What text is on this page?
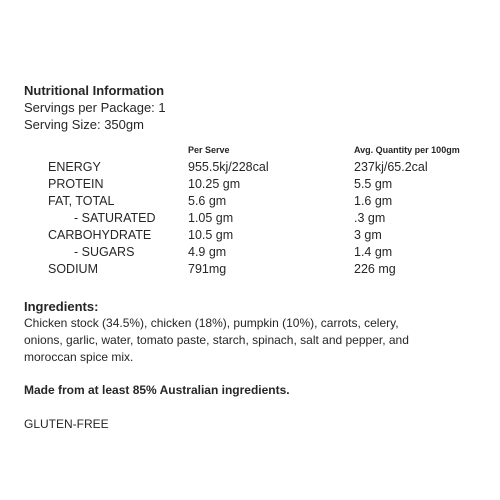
Nutritional Information
Servings per Package: 1
Serving Size: 350gm
	Per Serve	Avg. Quantity per 100gm
ENERGY	955.5kj/228cal	237kj/65.2cal
PROTEIN	10.25 gm	5.5 gm
FAT, TOTAL	5.6 gm	1.6 gm
- SATURATED	1.05 gm	.3 gm
CARBOHYDRATE	10.5 gm	3 gm
- SUGARS	4.9 gm	1.4 gm
SODIUM	791mg	226 mg
Ingredients:
Chicken stock (34.5%), chicken (18%), pumpkin (10%), carrots, celery, onions, garlic, water, tomato paste, starch, spinach, salt and pepper, and moroccan spice mix.
Made from at least 85% Australian ingredients.
GLUTEN-FREE
